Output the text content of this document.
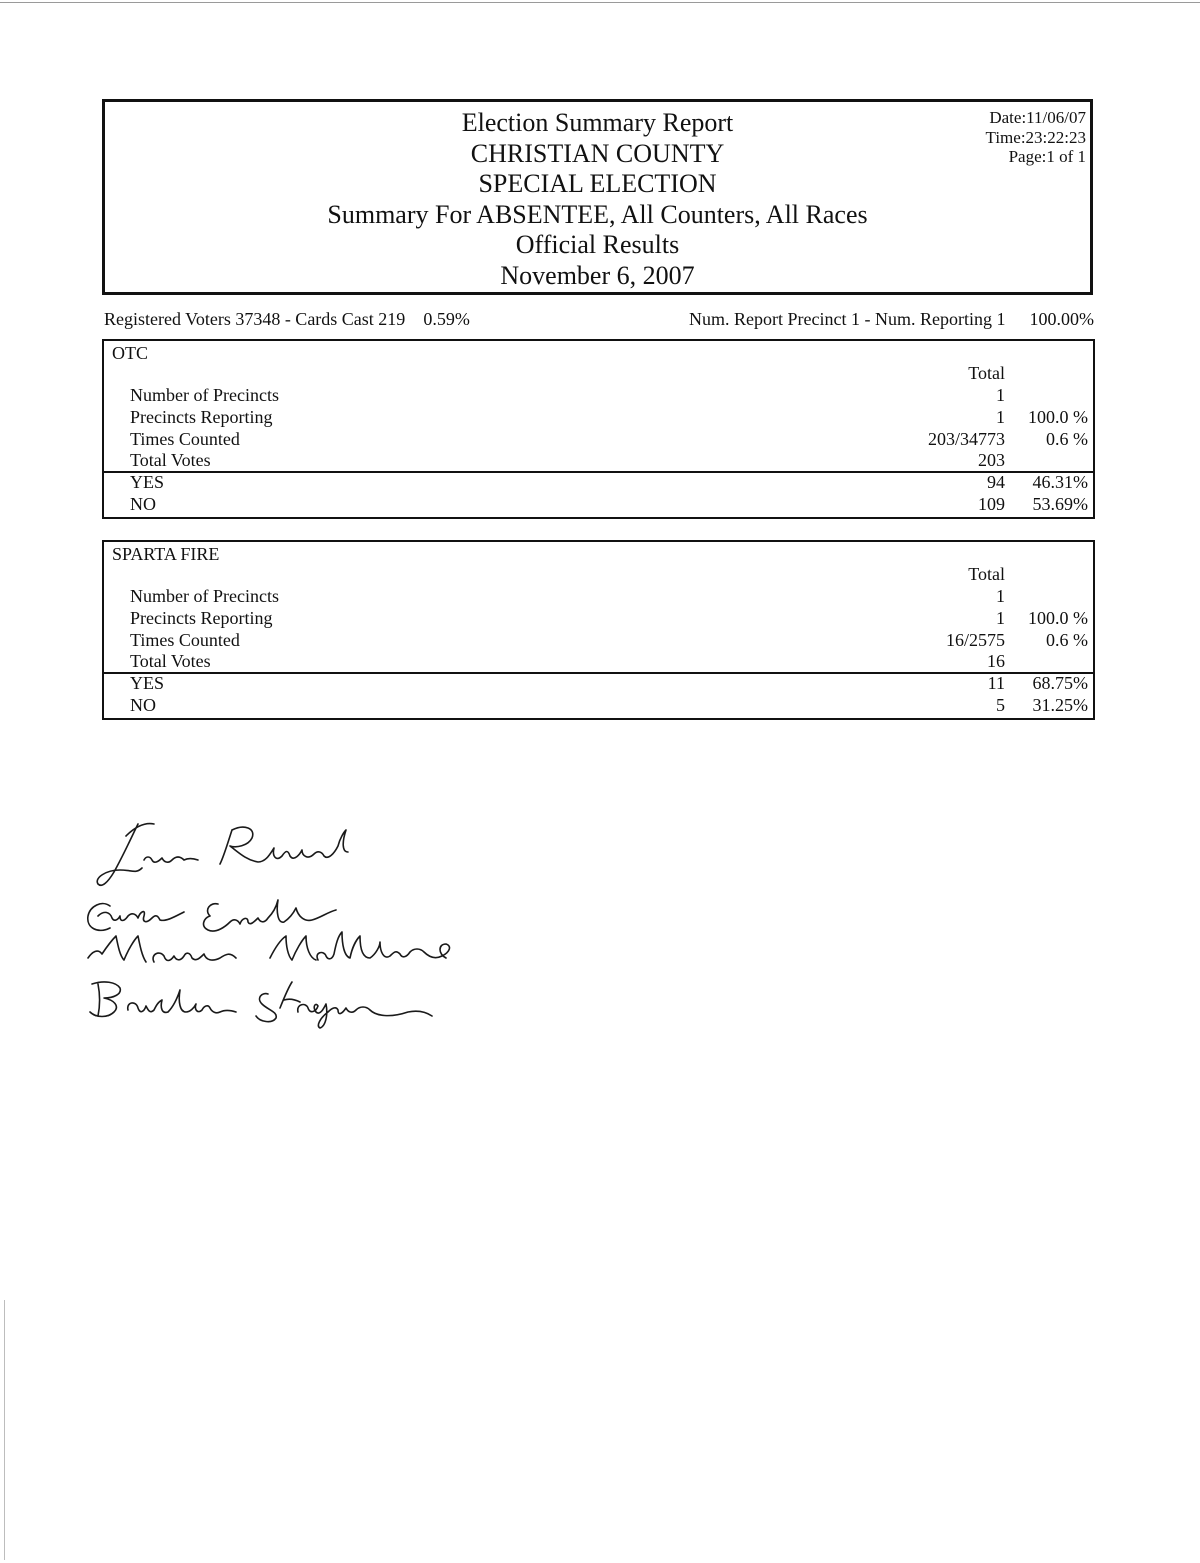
Election Summary Report
CHRISTIAN COUNTY
SPECIAL ELECTION
Summary For ABSENTEE, All Counters, All Races
Official Results
November 6, 2007
Date:11/06/07
Time:23:22:23
Page:1 of 1
Registered Voters 37348 - Cards Cast 219 0.59%	Num. Report Precinct 1 - Num. Reporting 1 100.00%
OTC
Total
Number of Precincts	1
Precincts Reporting	1 100.0 %
Times Counted	203/34773 0.6 %
Total Votes	203
YES	94 46.31%
NO	109 53.69%
SPARTA FIRE
Total
Number of Precincts	1
Precincts Reporting	1 100.0 %
Times Counted	16/2575 0.6 %
Total Votes	16
YES	11 68.75%
NO	5 31.25%
